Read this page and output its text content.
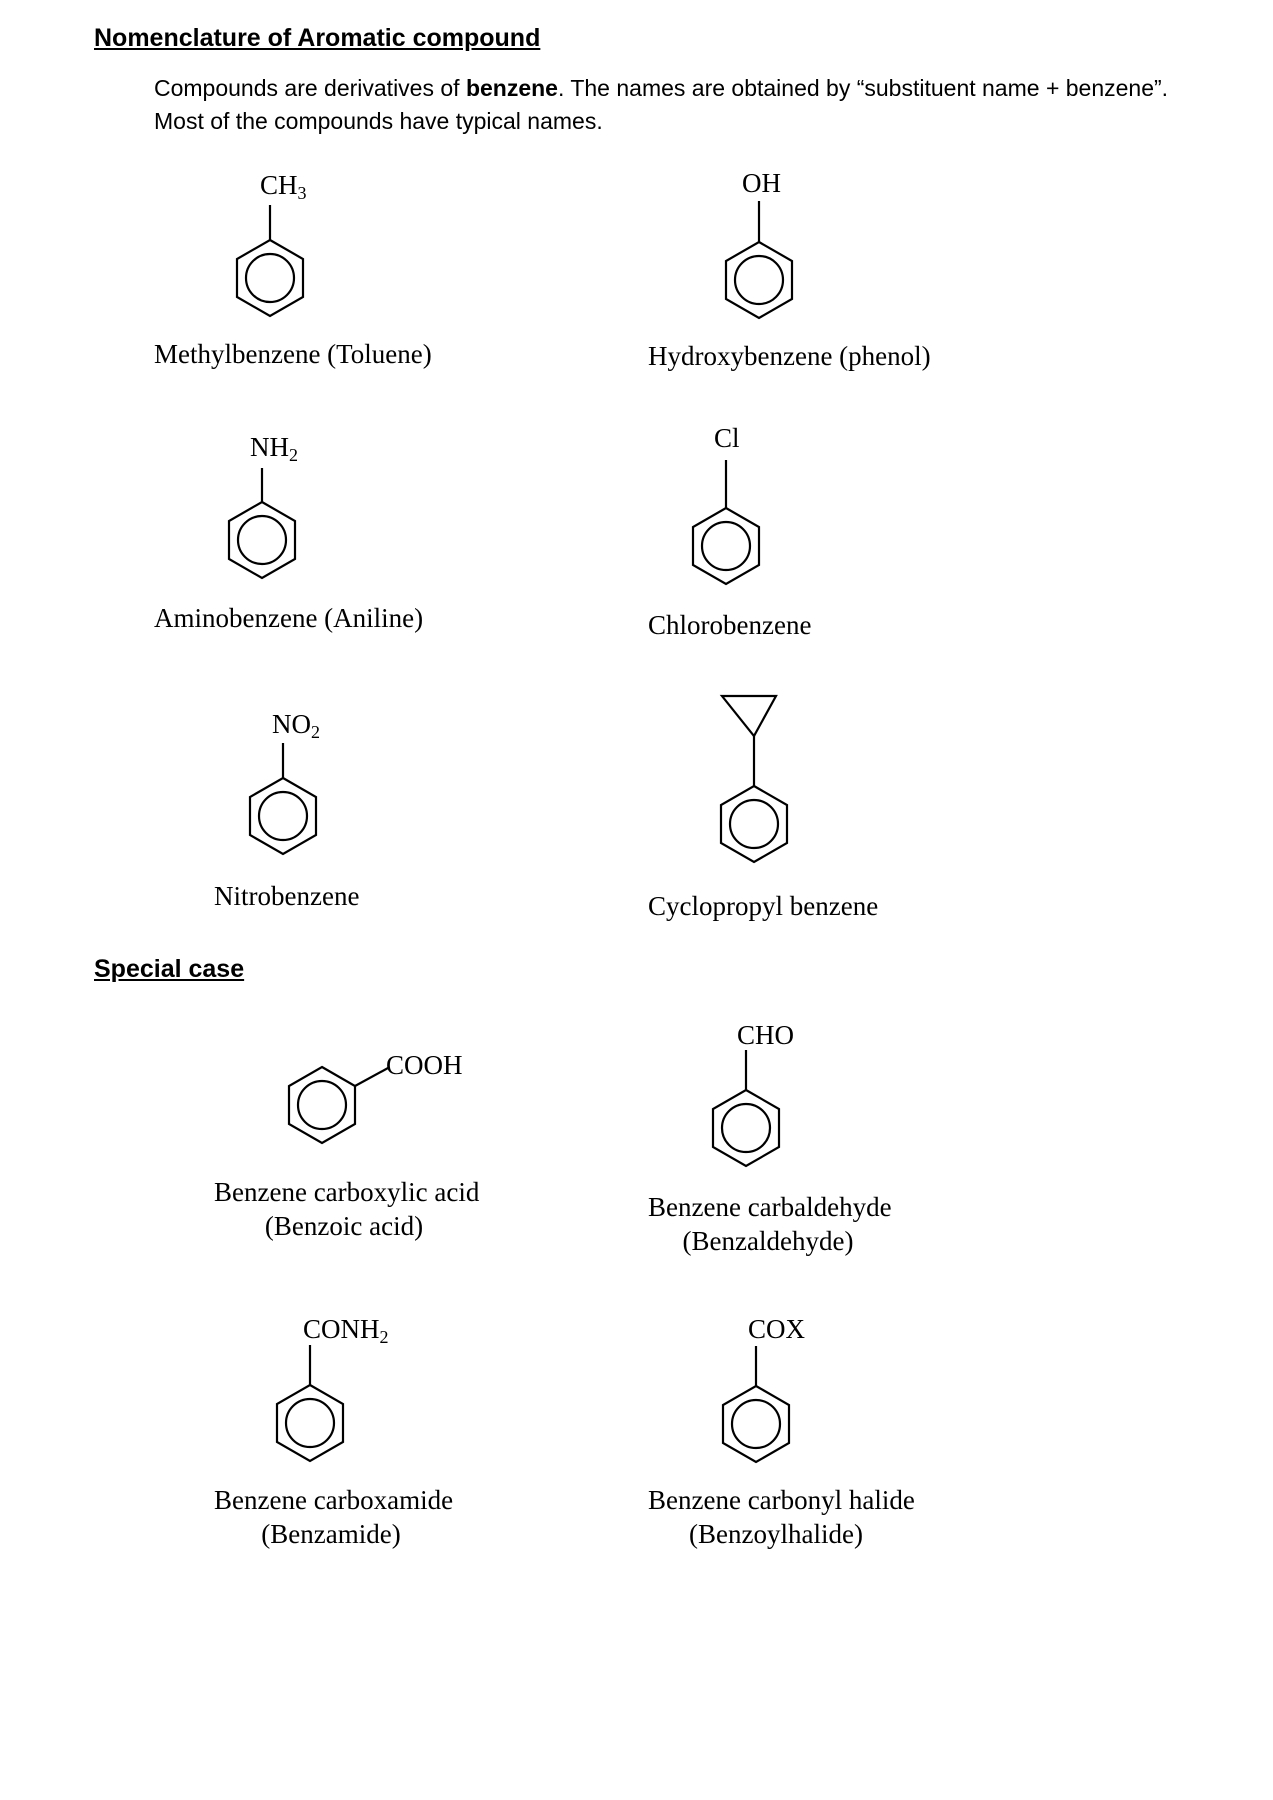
Nomenclature of Aromatic compound

Compounds are derivatives of benzene. The names are obtained by “substituent name + benzene”.
Most of the compounds have typical names.

Special case
$CH_3$	OH
$NH_2$
Cl
$NO_2$
COOH
CHO
$CONH_2$	COX
Methylbenzene (Toluene)	Hydroxybenzene (phenol)
Aminobenzene (Aniline)	Chlorobenzene
Nitrobenzene	Cyclopropyl benzene
Benzene carboxylic acid
(Benzoic acid)
Benzene carbaldehyde
(Benzaldehyde)
Benzene carboxamide
(Benzamide)
Benzene carbonyl halide
(Benzoylhalide)
